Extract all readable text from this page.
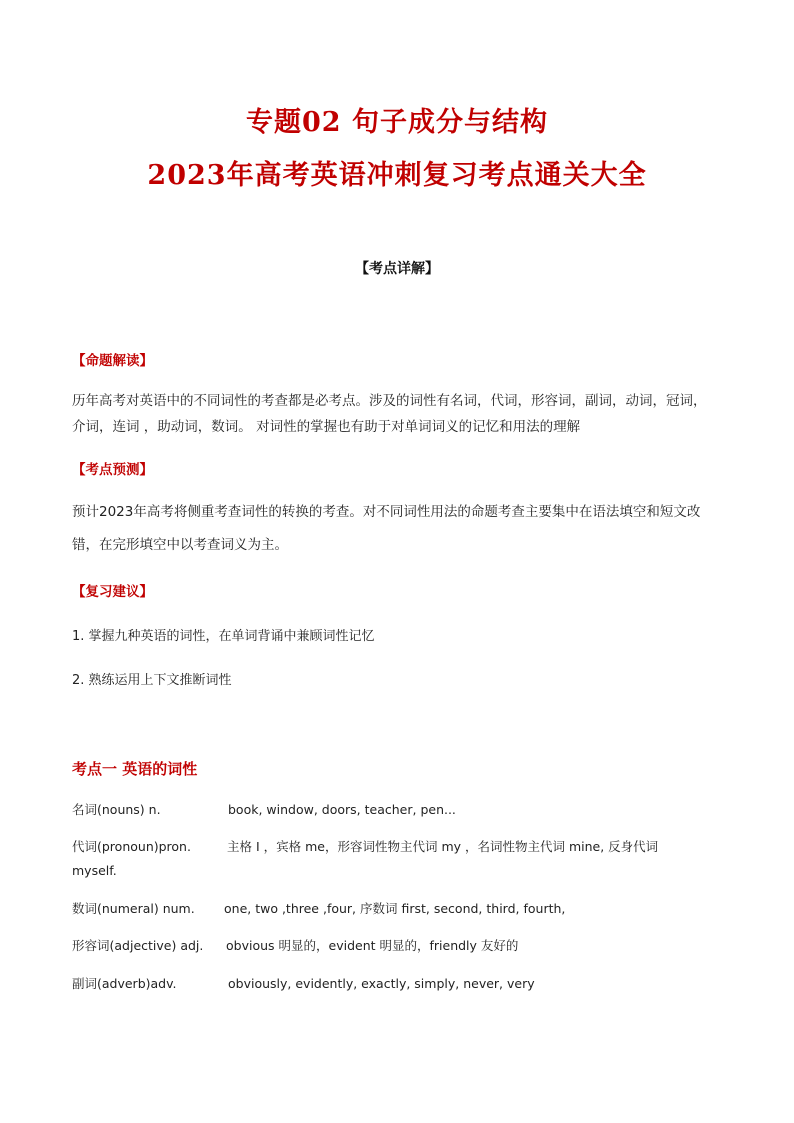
专题02 句子成分与结构
2023年高考英语冲刺复习考点通关大全
【考点详解】
【命题解读】
历年高考对英语中的不同词性的考查都是必考点。涉及的词性有名词，代词，形容词，副词，动词，冠词，
介词，连词 ，助动词，数词。 对词性的掌握也有助于对单词词义的记忆和用法的理解
【考点预测】
预计2023年高考将侧重考查词性的转换的考查。对不同词性用法的命题考查主要集中在语法填空和短文改
错，在完形填空中以考查词义为主。
【复习建议】
1. 掌握九种英语的词性，在单词背诵中兼顾词性记忆
2. 熟练运用上下文推断词性
考点一 英语的词性
名词(nouns) n.	book, window, doors, teacher, pen...
代词(pronoun)pron.	主格 I ，宾格 me，形容词性物主代词 my ，名词性物主代词 mine, 反身代词
myself.
数词(numeral) num. one, two ,three ,four, 序数词 first, second, third, fourth,
形容词(adjective) adj. obvious 明显的，evident 明显的，friendly 友好的
副词(adverb)adv.	obviously, evidently, exactly, simply, never, very
